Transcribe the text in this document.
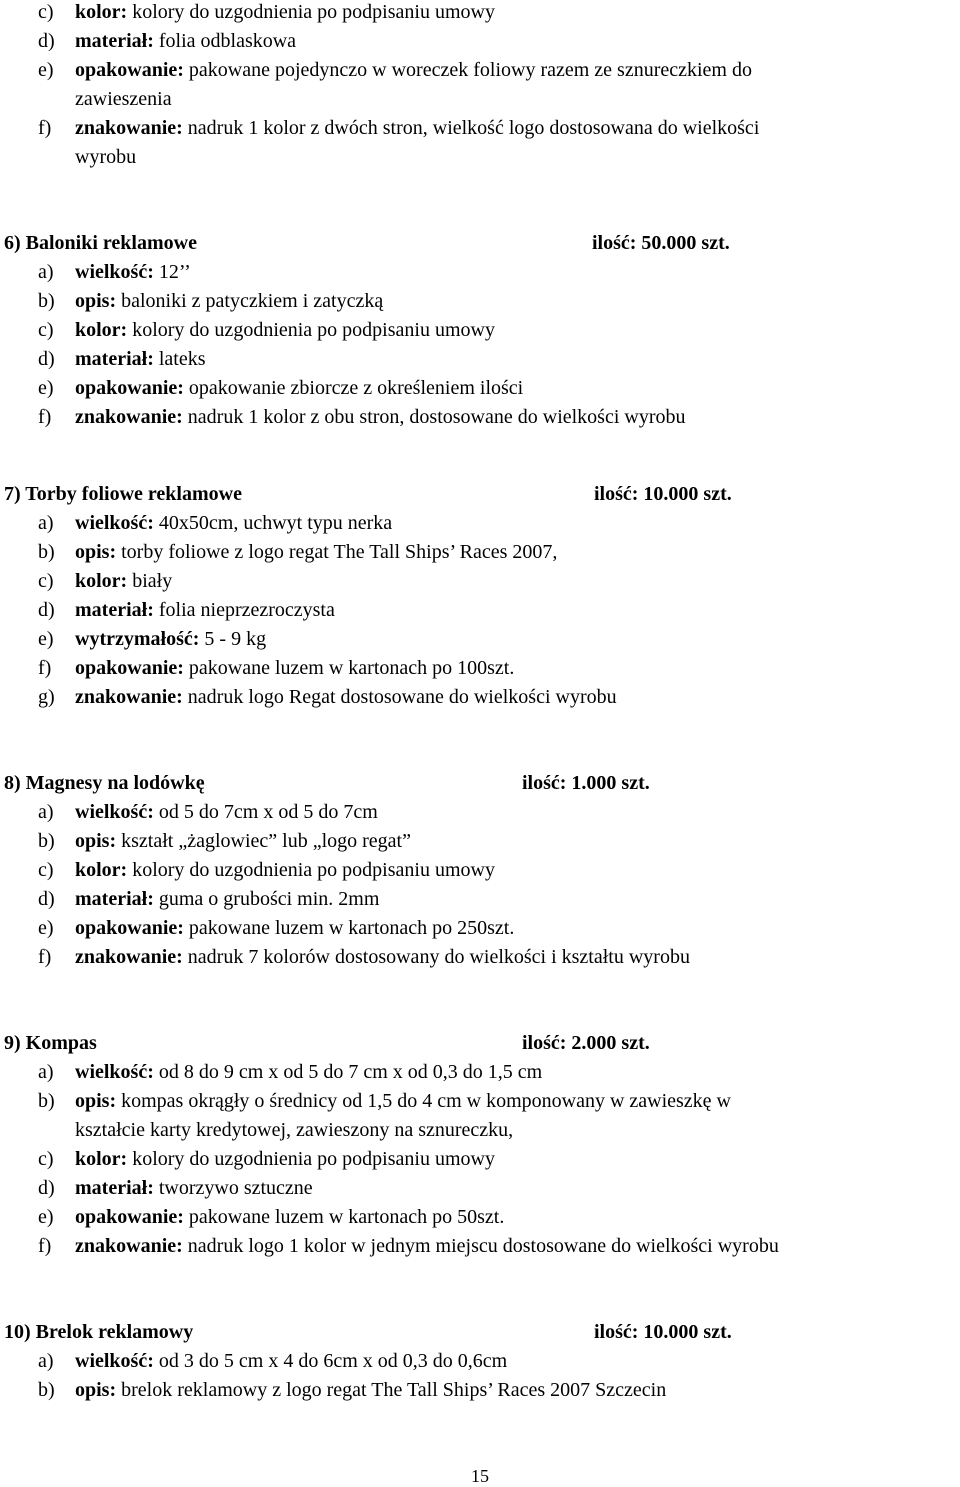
c) kolor: kolory do uzgodnienia po podpisaniu umowy
d) materiał: folia odblaskowa
e) opakowanie: pakowane pojedynczo w woreczek foliowy razem ze sznureczkiem do
zawieszenia
f) znakowanie: nadruk 1 kolor z dwóch stron, wielkość logo dostosowana do wielkości
wyrobu
6) Baloniki reklamowe	ilość: 50.000 szt.
a) wielkość: 12’’
b) opis: baloniki z patyczkiem i zatyczką
c) kolor: kolory do uzgodnienia po podpisaniu umowy
d) materiał: lateks
e) opakowanie: opakowanie zbiorcze z określeniem ilości
f) znakowanie: nadruk 1 kolor z obu stron, dostosowane do wielkości wyrobu
7) Torby foliowe reklamowe	ilość: 10.000 szt.
a) wielkość: 40x50cm, uchwyt typu nerka
b) opis: torby foliowe z logo regat The Tall Ships’ Races 2007,
c) kolor: biały
d) materiał: folia nieprzezroczysta
e) wytrzymałość: 5 - 9 kg
f) opakowanie: pakowane luzem w kartonach po 100szt.
g) znakowanie: nadruk logo Regat dostosowane do wielkości wyrobu
8) Magnesy na lodówkę	ilość: 1.000 szt.
a) wielkość: od 5 do 7cm x od 5 do 7cm
b) opis: kształt „żaglowiec” lub „logo regat”
c) kolor: kolory do uzgodnienia po podpisaniu umowy
d) materiał: guma o grubości min. 2mm
e) opakowanie: pakowane luzem w kartonach po 250szt.
f) znakowanie: nadruk 7 kolorów dostosowany do wielkości i kształtu wyrobu
9) Kompas	ilość: 2.000 szt.
a) wielkość: od 8 do 9 cm x od 5 do 7 cm x od 0,3 do 1,5 cm
b) opis: kompas okrągły o średnicy od 1,5 do 4 cm w komponowany w zawieszkę w
kształcie karty kredytowej, zawieszony na sznureczku,
c) kolor: kolory do uzgodnienia po podpisaniu umowy
d) materiał: tworzywo sztuczne
e) opakowanie: pakowane luzem w kartonach po 50szt.
f) znakowanie: nadruk logo 1 kolor w jednym miejscu dostosowane do wielkości wyrobu
10) Brelok reklamowy	ilość: 10.000 szt.
a) wielkość: od 3 do 5 cm x 4 do 6cm x od 0,3 do 0,6cm
b) opis: brelok reklamowy z logo regat The Tall Ships’ Races 2007 Szczecin
15
